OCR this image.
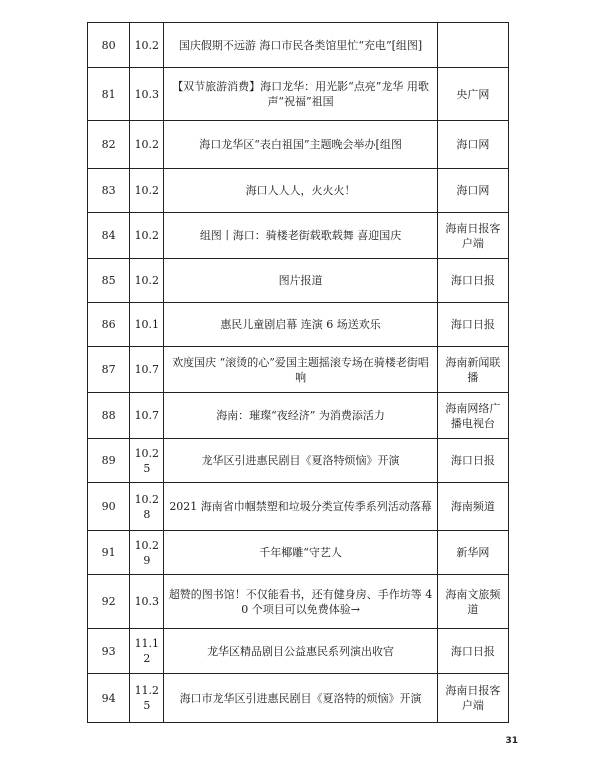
80	10.2	国庆假期不远游 海口市民各类馆里忙“充电”[组图]	
81	10.3	【双节旅游消费】海口龙华：用光影“点亮”龙华 用歌声“祝福”祖国	央广网
82	10.2	海口龙华区“表白祖国”主题晚会举办[组图	海口网
83	10.2	海口人人人，火火火！	海口网
84	10.2	组图丨海口：骑楼老街载歌载舞 喜迎国庆	海南日报客户端
85	10.2	图片报道	海口日报
86	10.1	惠民儿童剧启幕 连演 6 场送欢乐	海口日报
87	10.7	欢度国庆 “滚烫的心”爱国主题摇滚专场在骑楼老街唱响	海南新闻联播
88	10.7	海南：璀璨“夜经济” 为消费添活力	海南网络广播电视台
89	10.25	龙华区引进惠民剧目《夏洛特烦恼》开演	海口日报
90	10.28	2021 海南省巾帼禁塑和垃圾分类宣传季系列活动落幕	海南频道
91	10.29	千年椰雕“守艺人	新华网
92	10.3	超赞的图书馆！不仅能看书，还有健身房、手作坊等 40 个项目可以免费体验→	海南文旅频道
93	11.12	龙华区精品剧目公益惠民系列演出收官	海口日报
94	11.25	海口市龙华区引进惠民剧目《夏洛特的烦恼》开演	海南日报客户端
31
